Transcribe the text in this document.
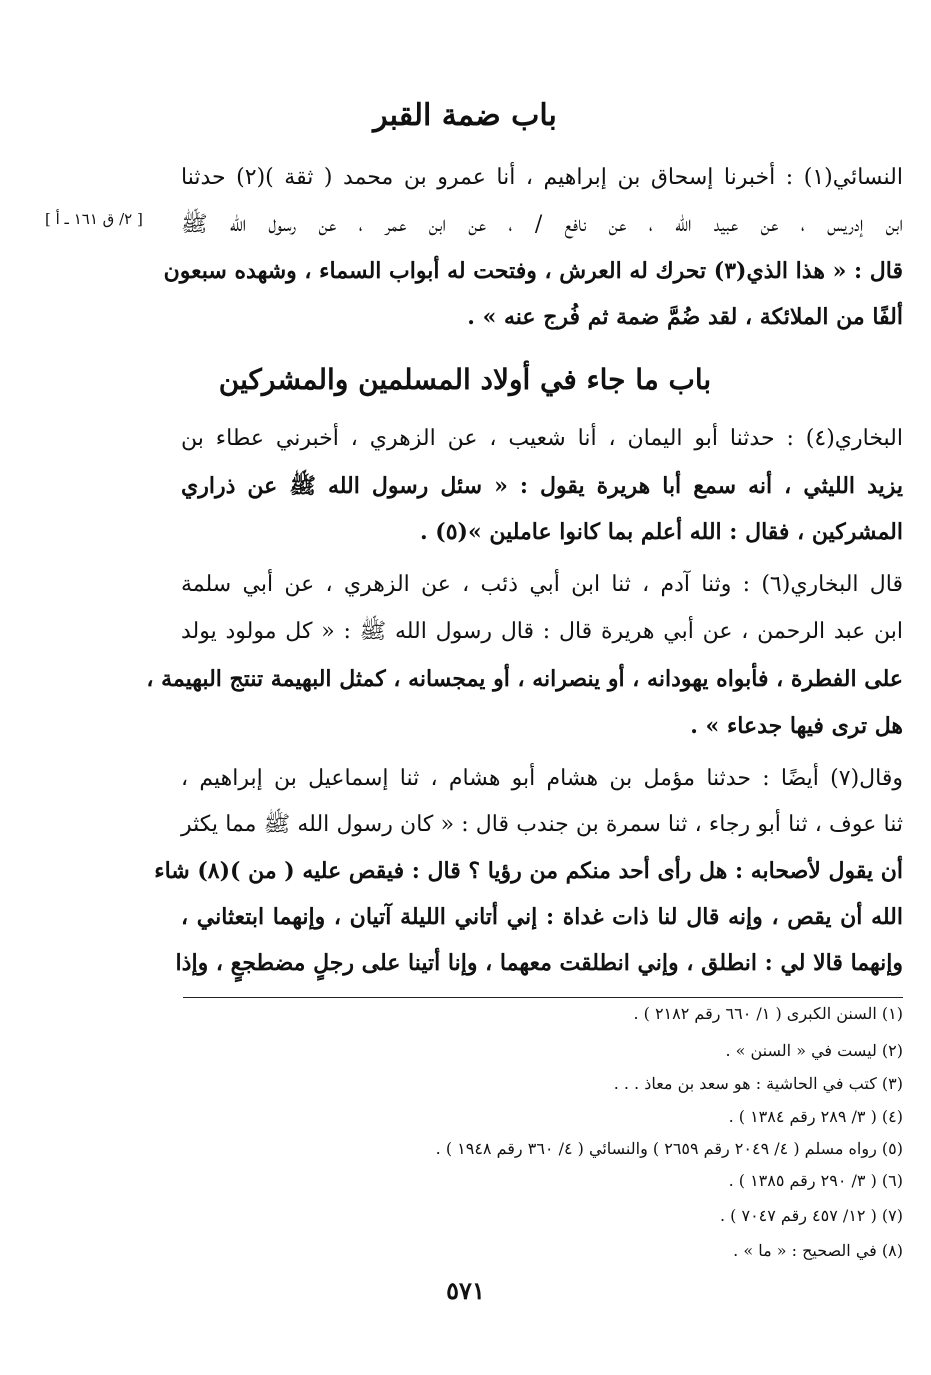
باب ضمة القبر
النسائي(١) : أخبرنا إسحاق بن إبراهيم ، أنا عمرو بن محمد ( ثقة )(٢) حدثنا
[ ٢/ ق ١٦١ ـ أ ] ابن إدريس ، عن عبيد الله ، عن نافع / ، عن ابن عمر ، عن رسول الله ﷺ
قال : « هذا الذي(٣) تحرك له العرش ، وفتحت له أبواب السماء ، وشهده سبعون
ألفًا من الملائكة ، لقد ضُمَّ ضمة ثم فُرج عنه » .
باب ما جاء في أولاد المسلمين والمشركين
البخاري(٤) : حدثنا أبو اليمان ، أنا شعيب ، عن الزهري ، أخبرني عطاء بن
يزيد الليثي ، أنه سمع أبا هريرة يقول : « سئل رسول الله ﷺ عن ذراري
المشركين ، فقال : الله أعلم بما كانوا عاملين »(٥) .
قال البخاري(٦) : وثنا آدم ، ثنا ابن أبي ذئب ، عن الزهري ، عن أبي سلمة
ابن عبد الرحمن ، عن أبي هريرة قال : قال رسول الله ﷺ : « كل مولود يولد
على الفطرة ، فأبواه يهودانه ، أو ينصرانه ، أو يمجسانه ، كمثل البهيمة تنتج البهيمة ،
هل ترى فيها جدعاء » .
وقال(٧) أيضًا : حدثنا مؤمل بن هشام أبو هشام ، ثنا إسماعيل بن إبراهيم ،
ثنا عوف ، ثنا أبو رجاء ، ثنا سمرة بن جندب قال : « كان رسول الله ﷺ مما يكثر
أن يقول لأصحابه : هل رأى أحد منكم من رؤيا ؟ قال : فيقص عليه ( من )(٨) شاء
الله أن يقص ، وإنه قال لنا ذات غداة : إني أتاني الليلة آتيان ، وإنهما ابتعثاني ،
وإنهما قالا لي : انطلق ، وإني انطلقت معهما ، وإنا أتينا على رجلٍ مضطجعٍ ، وإذا
(١) السنن الكبرى ( ١/ ٦٦٠ رقم ٢١٨٢ ) .
(٢) ليست في « السنن » .
(٣) كتب في الحاشية : هو سعد بن معاذ . . .
(٤) ( ٣/ ٢٨٩ رقم ١٣٨٤ ) .
(٥) رواه مسلم ( ٤/ ٢٠٤٩ رقم ٢٦٥٩ ) والنسائي ( ٤/ ٣٦٠ رقم ١٩٤٨ ) .
(٦) ( ٣/ ٢٩٠ رقم ١٣٨٥ ) .
(٧) ( ١٢/ ٤٥٧ رقم ٧٠٤٧ ) .
(٨) في الصحيح : « ما » .
٥٧١
